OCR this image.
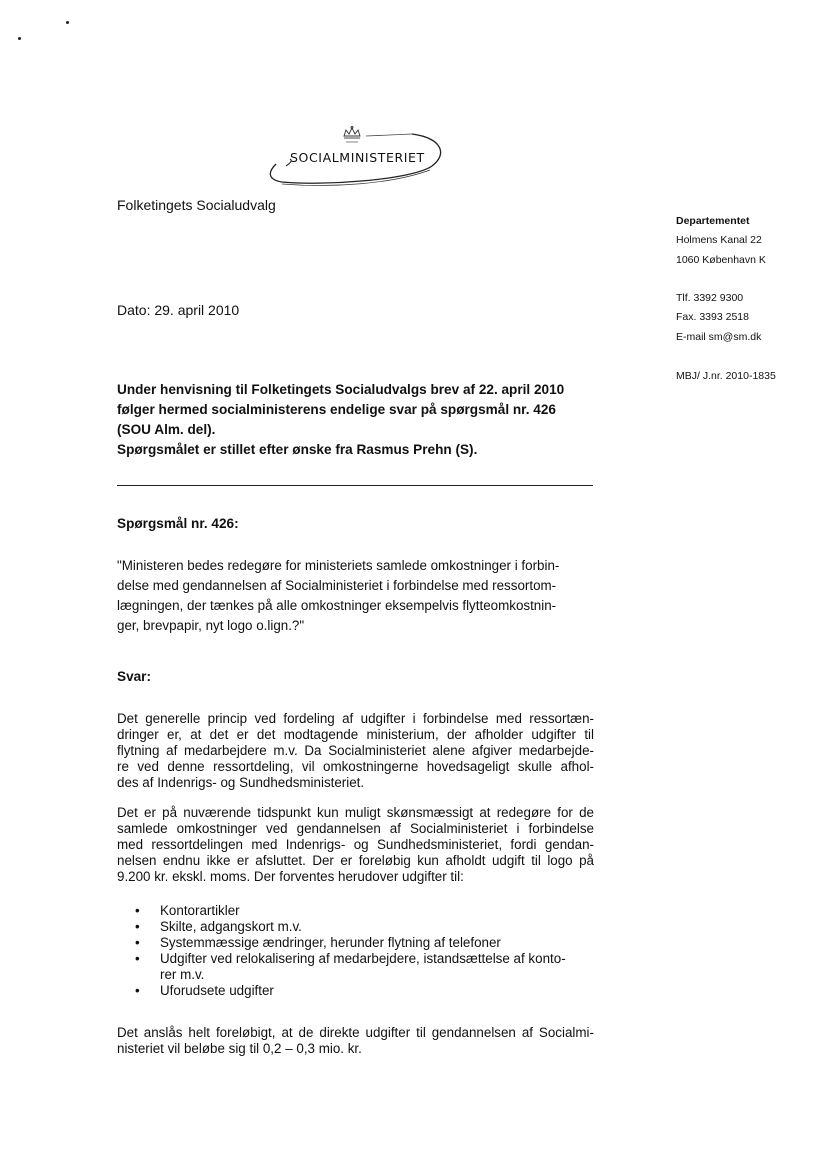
SOCIALMINISTERIET
Folketingets Socialudvalg
Departementet
Holmens Kanal 22
1060 København K
Tlf. 3392 9300
Fax. 3393 2518
E-mail sm@sm.dk
MBJ/ J.nr. 2010-1835
Dato: 29. april 2010
Under henvisning til Folketingets Socialudvalgs brev af 22. april 2010
følger hermed socialministerens endelige svar på spørgsmål nr. 426
(SOU Alm. del).
Spørgsmålet er stillet efter ønske fra Rasmus Prehn (S).
Spørgsmål nr. 426:
"Ministeren bedes redegøre for ministeriets samlede omkostninger i forbin-
delse med gendannelsen af Socialministeriet i forbindelse med ressortom-
lægningen, der tænkes på alle omkostninger eksempelvis flytteomkostnin-
ger, brevpapir, nyt logo o.lign.?"
Svar:
Det generelle princip ved fordeling af udgifter i forbindelse med ressortæn-
dringer er, at det er det modtagende ministerium, der afholder udgifter til
flytning af medarbejdere m.v. Da Socialministeriet alene afgiver medarbejde-
re ved denne ressortdeling, vil omkostningerne hovedsageligt skulle afhol-
des af Indenrigs- og Sundhedsministeriet.
Det er på nuværende tidspunkt kun muligt skønsmæssigt at redegøre for de
samlede omkostninger ved gendannelsen af Socialministeriet i forbindelse
med ressortdelingen med Indenrigs- og Sundhedsministeriet, fordi gendan-
nelsen endnu ikke er afsluttet. Der er foreløbig kun afholdt udgift til logo på
9.200 kr. ekskl. moms. Der forventes herudover udgifter til:
• Kontorartikler
• Skilte, adgangskort m.v.
• Systemmæssige ændringer, herunder flytning af telefoner
• Udgifter ved relokalisering af medarbejdere, istandsættelse af konto-
rer m.v.
• Uforudsete udgifter
Det anslås helt foreløbigt, at de direkte udgifter til gendannelsen af Socialmi-
nisteriet vil beløbe sig til 0,2 – 0,3 mio. kr.
